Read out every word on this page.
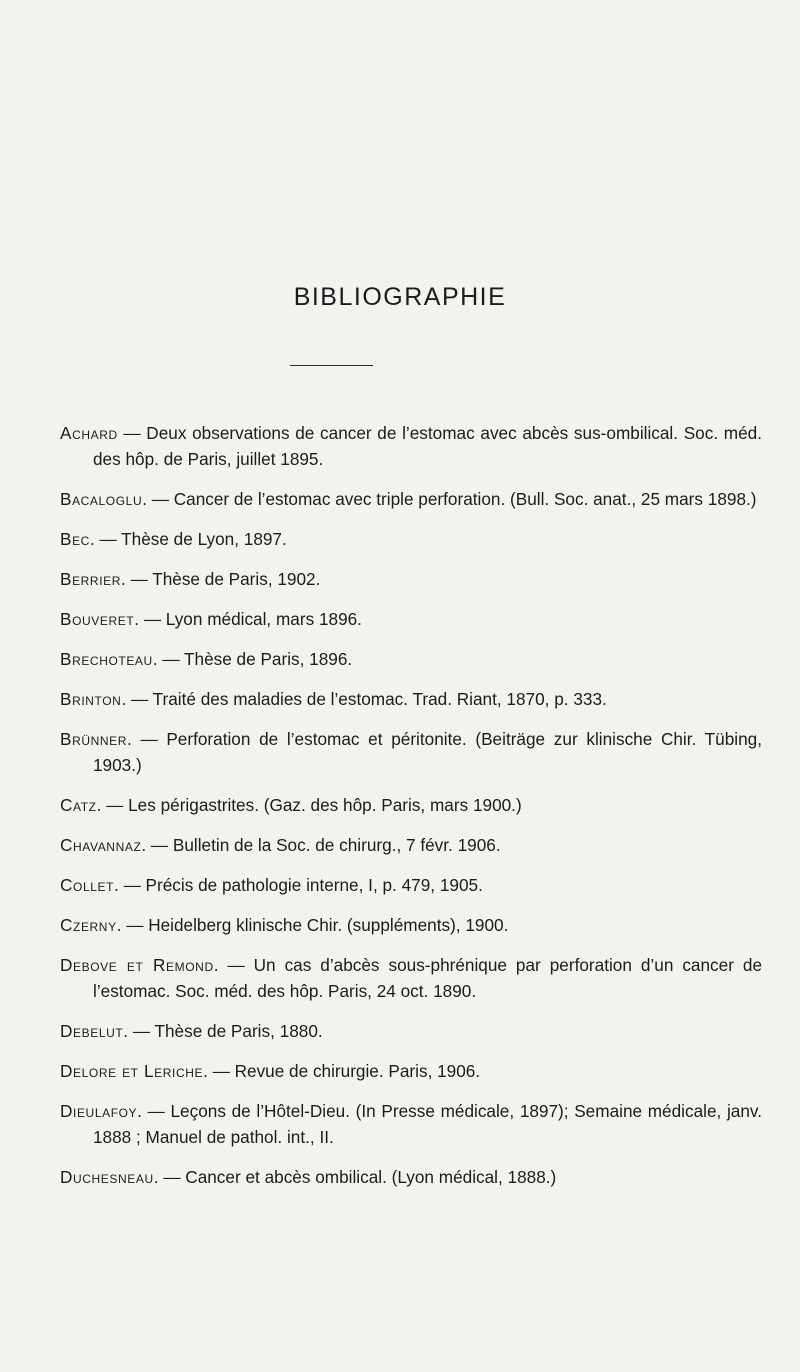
BIBLIOGRAPHIE
Achard — Deux observations de cancer de l’estomac avec abcès sus-ombilical. Soc. méd. des hôp. de Paris, juillet 1895.
Bacaloglu. — Cancer de l’estomac avec triple perforation. (Bull. Soc. anat., 25 mars 1898.)
Bec. — Thèse de Lyon, 1897.
Berrier. — Thèse de Paris, 1902.
Bouveret. — Lyon médical, mars 1896.
Brechoteau. — Thèse de Paris, 1896.
Brinton. — Traité des maladies de l’estomac. Trad. Riant, 1870, p. 333.
Brünner. — Perforation de l’estomac et péritonite. (Beiträge zur klinische Chir. Tübing, 1903.)
Catz. — Les périgastrites. (Gaz. des hôp. Paris, mars 1900.)
Chavannaz. — Bulletin de la Soc. de chirurg., 7 févr. 1906.
Collet. — Précis de pathologie interne, I, p. 479, 1905.
Czerny. — Heidelberg klinische Chir. (suppléments), 1900.
Debove et Remond. — Un cas d’abcès sous-phrénique par perforation d’un cancer de l’estomac. Soc. méd. des hôp. Paris, 24 oct. 1890.
Debelut. — Thèse de Paris, 1880.
Delore et Leriche. — Revue de chirurgie. Paris, 1906.
Dieulafoy. — Leçons de l’Hôtel-Dieu. (In Presse médicale, 1897); Semaine médicale, janv. 1888 ; Manuel de pathol. int., II.
Duchesneau. — Cancer et abcès ombilical. (Lyon médical, 1888.)
